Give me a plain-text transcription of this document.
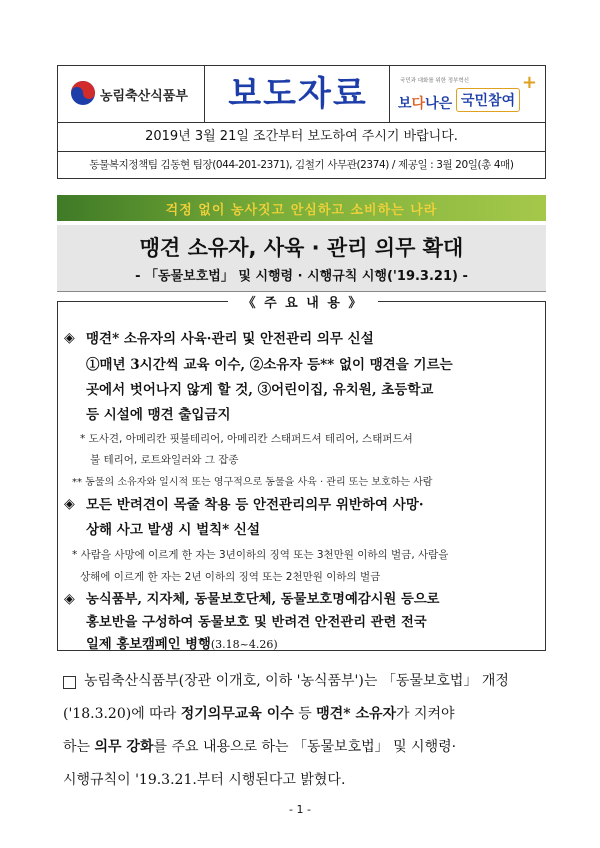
농림축산식품부	보도자료	국민과 대화를 위한 정부혁신
보다나은 국민참여
+
2019년 3월 21일 조간부터 보도하여 주시기 바랍니다.
동물복지정책팀 김동현 팀장(044-201-2371), 김철기 사무관(2374) / 제공일 : 3월 20일(총 4매)
걱정 없이 농사짓고 안심하고 소비하는 나라
맹견 소유자, 사육 · 관리 의무 확대
- 「동물보호법」 및 시행령 · 시행규칙 시행('19.3.21) -
《 주 요 내 용 》
◈ 맹견* 소유자의 사육·관리 및 안전관리 의무 신설
①매년 3시간씩 교육 이수, ②소유자 등** 없이 맹견을 기르는
곳에서 벗어나지 않게 할 것, ③어린이집, 유치원, 초등학교
등 시설에 맹견 출입금지
* 도사견, 아메리칸 핏불테리어, 아메리칸 스태퍼드셔 테리어, 스태퍼드셔
불 테리어, 로트와일러와 그 잡종
** 동물의 소유자와 일시적 또는 영구적으로 동물을 사육 · 관리 또는 보호하는 사람
◈ 모든 반려견이 목줄 착용 등 안전관리의무 위반하여 사망·
상해 사고 발생 시 벌칙* 신설
* 사람을 사망에 이르게 한 자는 3년이하의 징역 또는 3천만원 이하의 벌금, 사람을
상해에 이르게 한 자는 2년 이하의 징역 또는 2천만원 이하의 벌금
◈ 농식품부, 지자체, 동물보호단체, 동물보호명예감시원 등으로
홍보반을 구성하여 동물보호 및 반려견 안전관리 관련 전국
일제 홍보캠페인 병행(3.18~4.26)
농림축산식품부(장관 이개호, 이하 '농식품부')는 「동물보호법」 개정
('18.3.20)에 따라 정기의무교육 이수 등 맹견* 소유자가 지켜야
하는 의무 강화를 주요 내용으로 하는 「동물보호법」 및 시행령·
시행규칙이 '19.3.21.부터 시행된다고 밝혔다.
- 1 -
